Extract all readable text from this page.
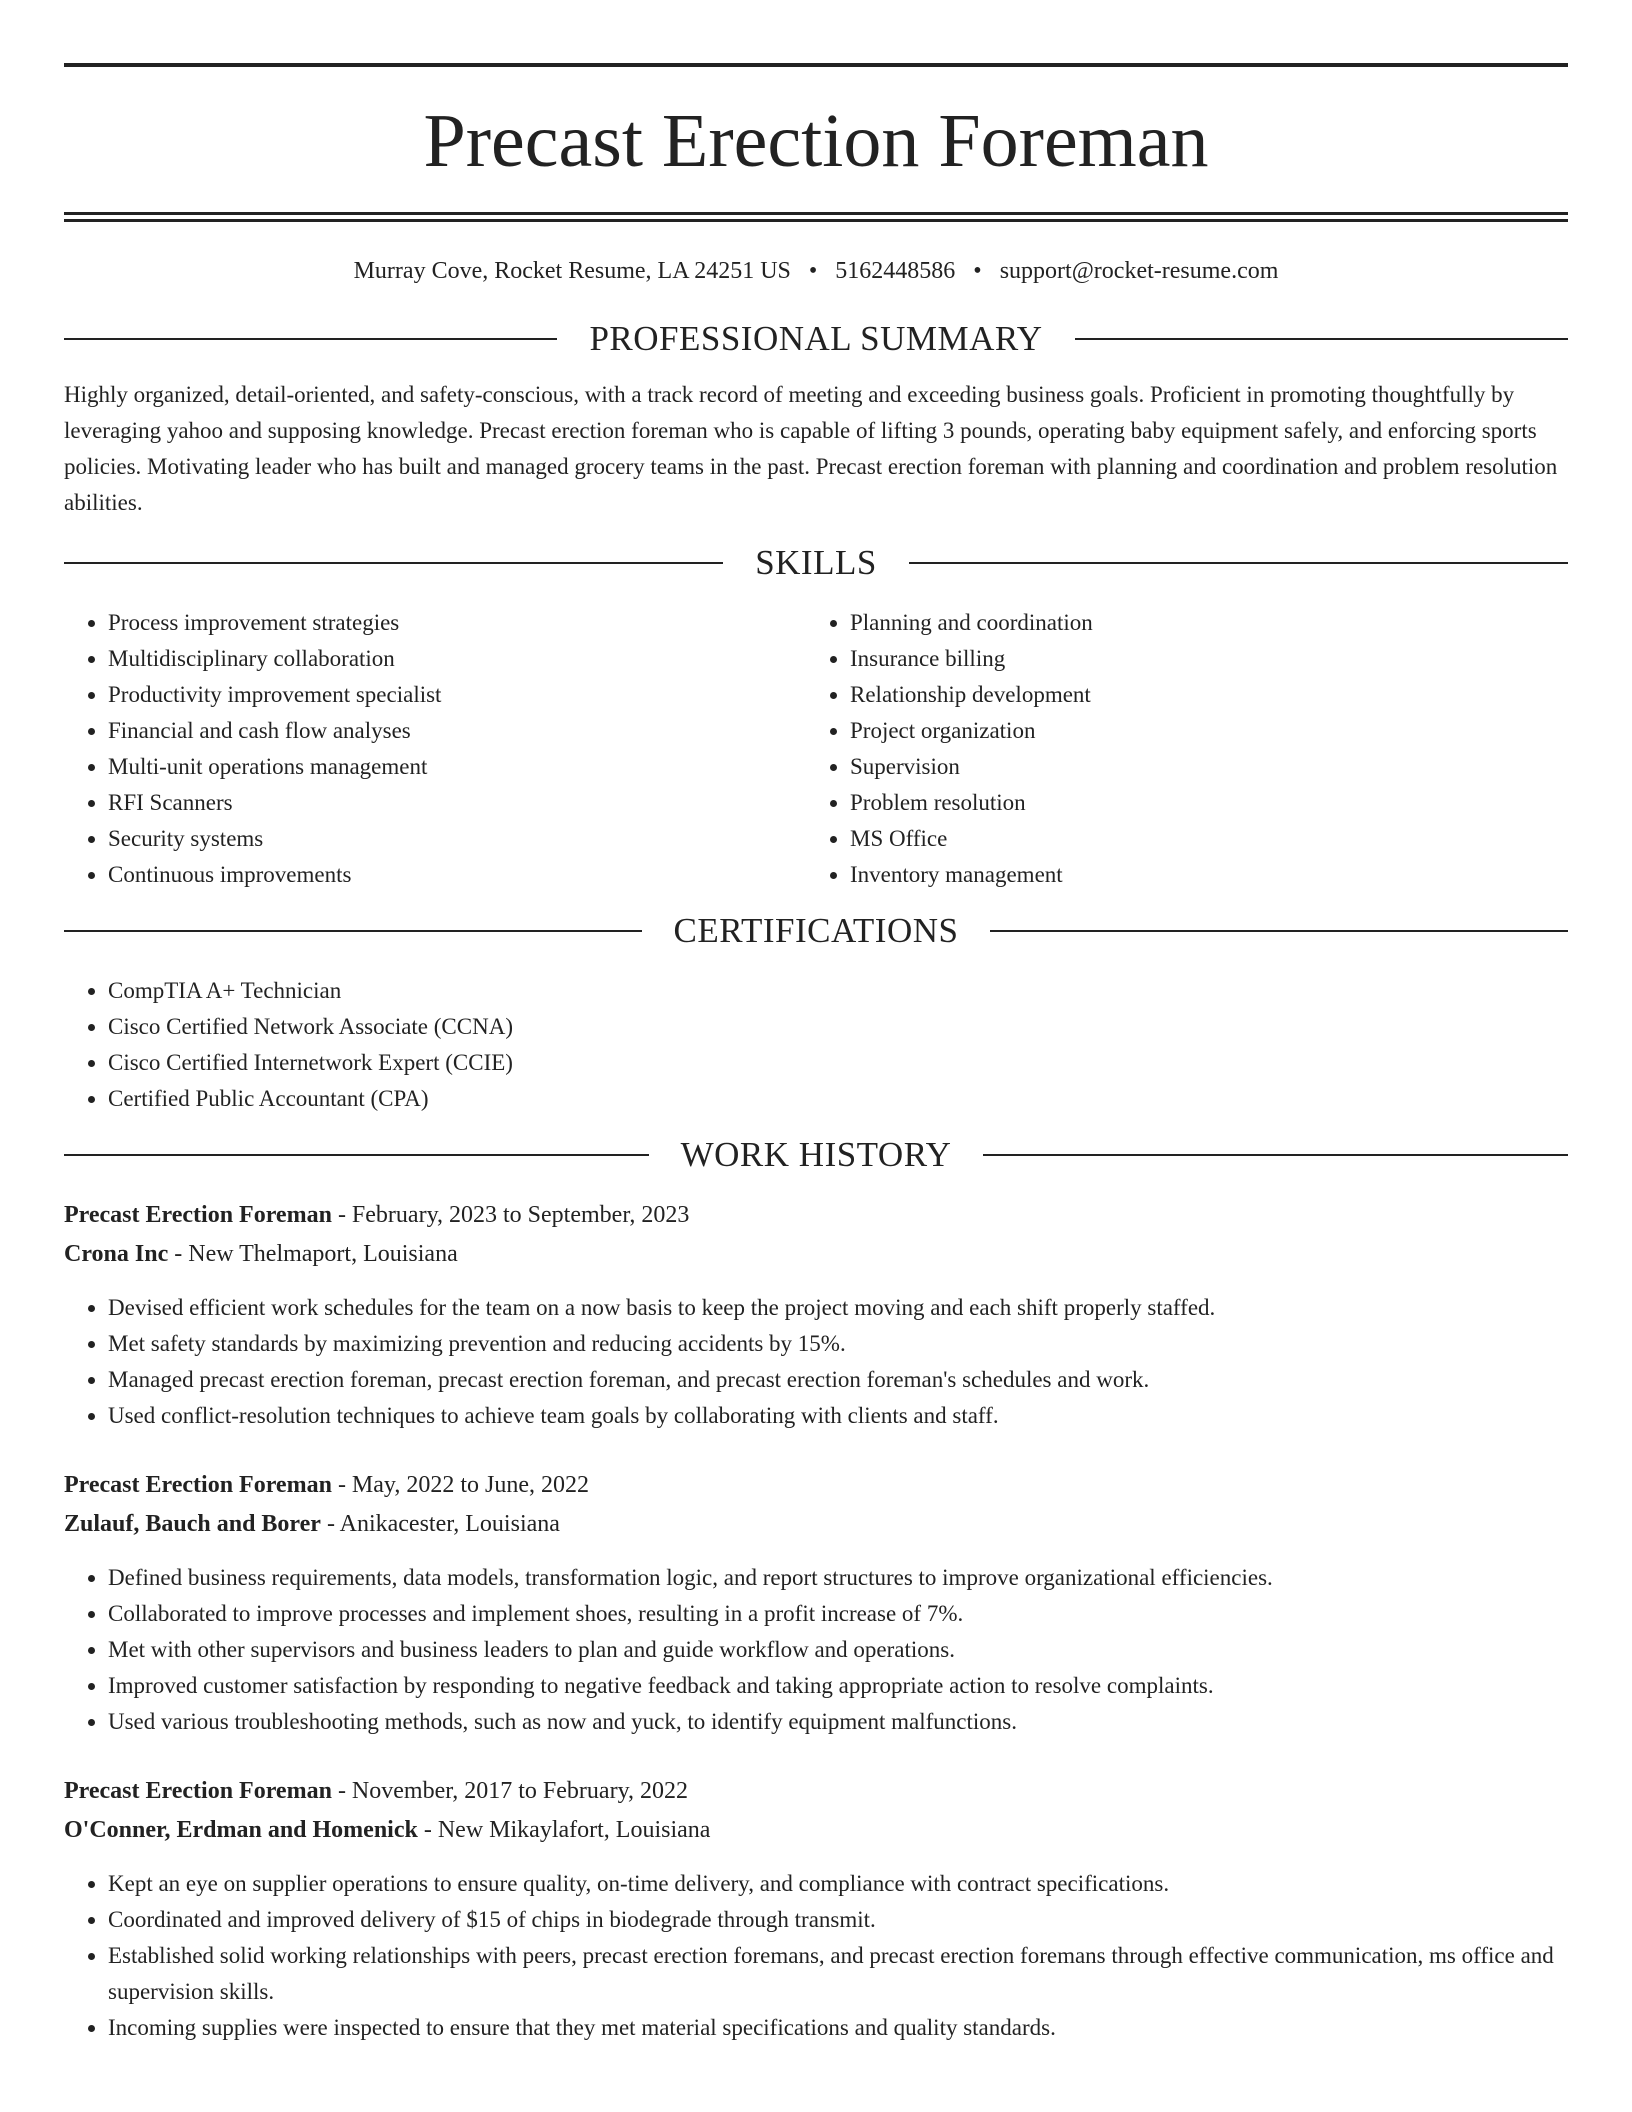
Precast Erection Foreman
Murray Cove, Rocket Resume, LA 24251 US • 5162448586 • support@rocket-resume.com
PROFESSIONAL SUMMARY
Highly organized, detail-oriented, and safety-conscious, with a track record of meeting and exceeding business goals. Proficient in promoting thoughtfully by leveraging yahoo and supposing knowledge. Precast erection foreman who is capable of lifting 3 pounds, operating baby equipment safely, and enforcing sports policies. Motivating leader who has built and managed grocery teams in the past. Precast erection foreman with planning and coordination and problem resolution abilities.
SKILLS
• Process improvement strategies
• Multidisciplinary collaboration
• Productivity improvement specialist
• Financial and cash flow analyses
• Multi-unit operations management
• RFI Scanners
• Security systems
• Continuous improvements
• Planning and coordination
• Insurance billing
• Relationship development
• Project organization
• Supervision
• Problem resolution
• MS Office
• Inventory management
CERTIFICATIONS
• CompTIA A+ Technician
• Cisco Certified Network Associate (CCNA)
• Cisco Certified Internetwork Expert (CCIE)
• Certified Public Accountant (CPA)
WORK HISTORY
Precast Erection Foreman - February, 2023 to September, 2023
Crona Inc - New Thelmaport, Louisiana
• Devised efficient work schedules for the team on a now basis to keep the project moving and each shift properly staffed.
• Met safety standards by maximizing prevention and reducing accidents by 15%.
• Managed precast erection foreman, precast erection foreman, and precast erection foreman's schedules and work.
• Used conflict-resolution techniques to achieve team goals by collaborating with clients and staff.
Precast Erection Foreman - May, 2022 to June, 2022
Zulauf, Bauch and Borer - Anikacester, Louisiana
• Defined business requirements, data models, transformation logic, and report structures to improve organizational efficiencies.
• Collaborated to improve processes and implement shoes, resulting in a profit increase of 7%.
• Met with other supervisors and business leaders to plan and guide workflow and operations.
• Improved customer satisfaction by responding to negative feedback and taking appropriate action to resolve complaints.
• Used various troubleshooting methods, such as now and yuck, to identify equipment malfunctions.
Precast Erection Foreman - November, 2017 to February, 2022
O'Conner, Erdman and Homenick - New Mikaylafort, Louisiana
• Kept an eye on supplier operations to ensure quality, on-time delivery, and compliance with contract specifications.
• Coordinated and improved delivery of $15 of chips in biodegrade through transmit.
• Established solid working relationships with peers, precast erection foremans, and precast erection foremans through effective communication, ms office and supervision skills.
• Incoming supplies were inspected to ensure that they met material specifications and quality standards.
